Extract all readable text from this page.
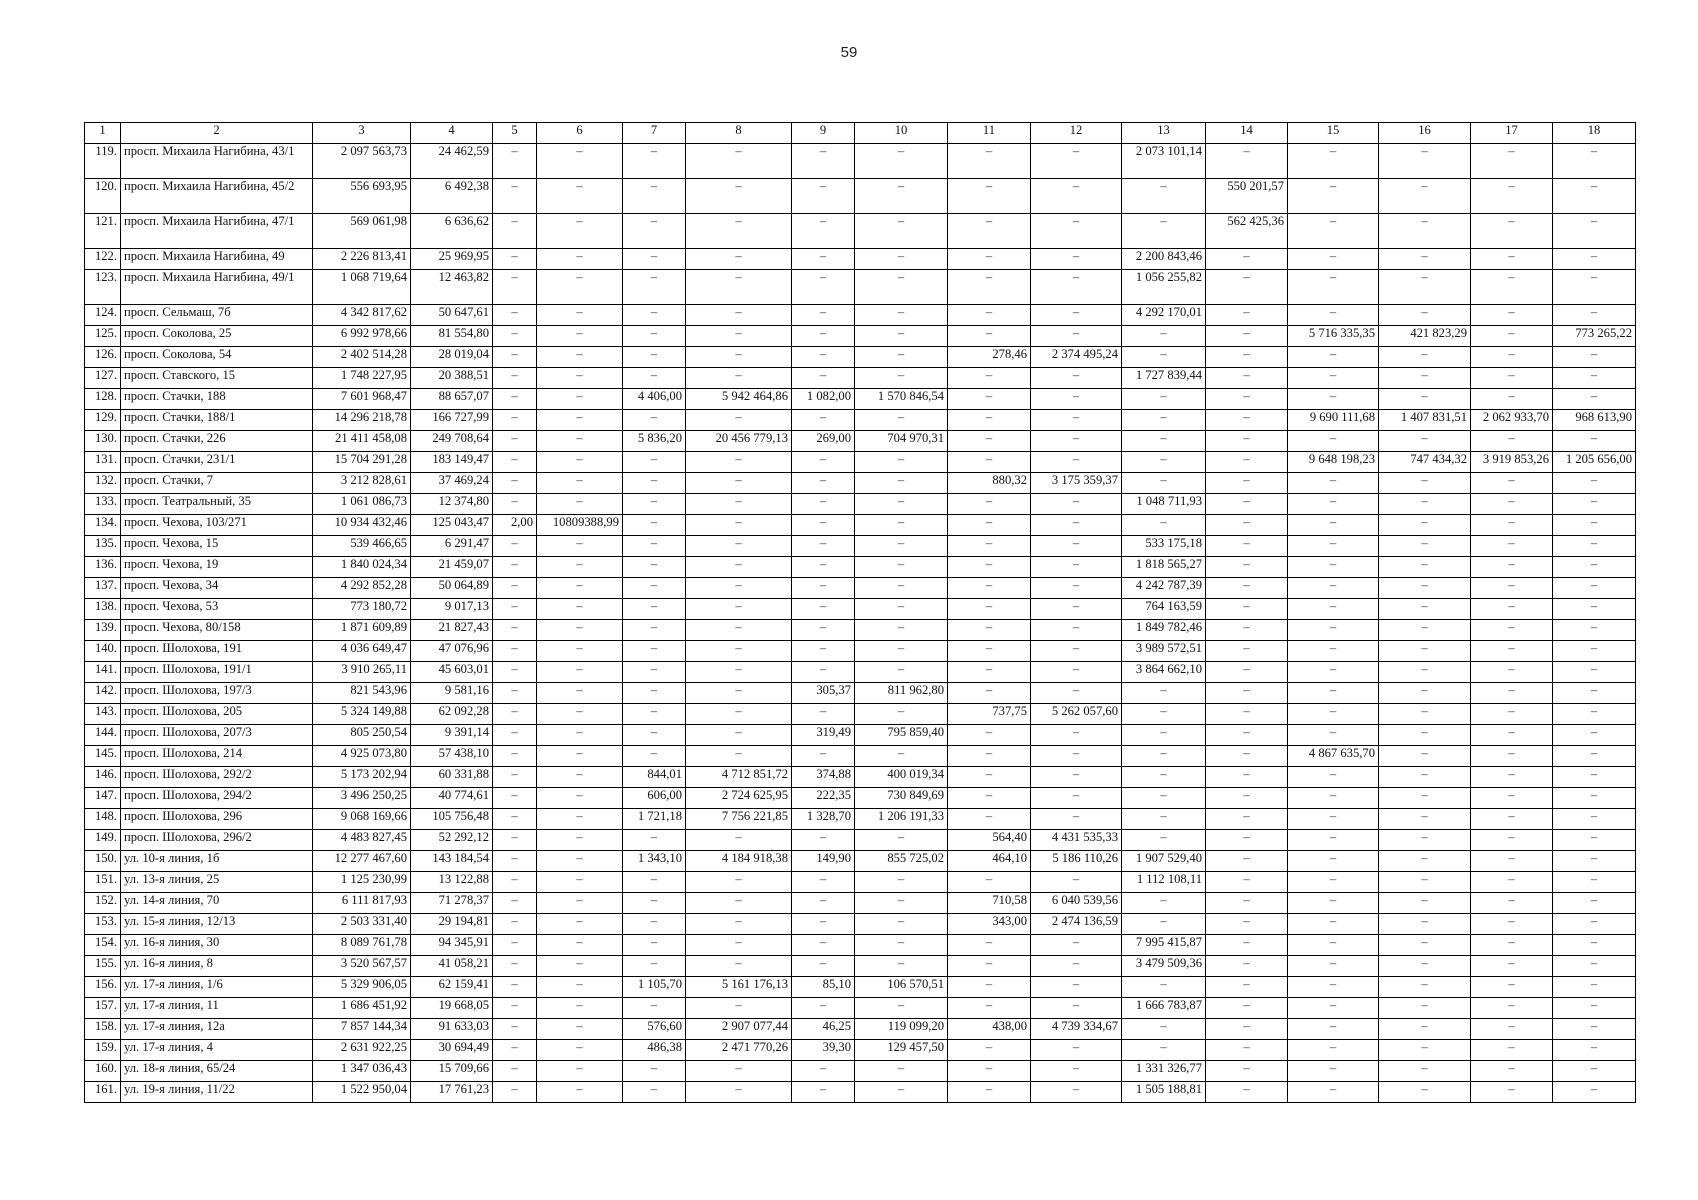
59
1	2	3	4	5	6	7	8	9	10	11	12	13	14	15	16	17	18
119.	просп. Михаила Нагибина, 43/1	2 097 563,73	24 462,59	–	–	–	–	–	–	–	–	2 073 101,14	–	–	–	–	–
120.	просп. Михаила Нагибина, 45/2	556 693,95	6 492,38	–	–	–	–	–	–	–	–	–	550 201,57	–	–	–	–
121.	просп. Михаила Нагибина, 47/1	569 061,98	6 636,62	–	–	–	–	–	–	–	–	–	562 425,36	–	–	–	–
122.	просп. Михаила Нагибина, 49	2 226 813,41	25 969,95	–	–	–	–	–	–	–	–	2 200 843,46	–	–	–	–	–
123.	просп. Михаила Нагибина, 49/1	1 068 719,64	12 463,82	–	–	–	–	–	–	–	–	1 056 255,82	–	–	–	–	–
124.	просп. Сельмаш, 7б	4 342 817,62	50 647,61	–	–	–	–	–	–	–	–	4 292 170,01	–	–	–	–	–
125.	просп. Соколова, 25	6 992 978,66	81 554,80	–	–	–	–	–	–	–	–	–	–	5 716 335,35	421 823,29	–	773 265,22
126.	просп. Соколова, 54	2 402 514,28	28 019,04	–	–	–	–	–	–	278,46	2 374 495,24	–	–	–	–	–	–
127.	просп. Ставского, 15	1 748 227,95	20 388,51	–	–	–	–	–	–	–	–	1 727 839,44	–	–	–	–	–
128.	просп. Стачки, 188	7 601 968,47	88 657,07	–	–	4 406,00	5 942 464,86	1 082,00	1 570 846,54	–	–	–	–	–	–	–	–
129.	просп. Стачки, 188/1	14 296 218,78	166 727,99	–	–	–	–	–	–	–	–	–	–	9 690 111,68	1 407 831,51	2 062 933,70	968 613,90
130.	просп. Стачки, 226	21 411 458,08	249 708,64	–	–	5 836,20	20 456 779,13	269,00	704 970,31	–	–	–	–	–	–	–	–
131.	просп. Стачки, 231/1	15 704 291,28	183 149,47	–	–	–	–	–	–	–	–	–	–	9 648 198,23	747 434,32	3 919 853,26	1 205 656,00
132.	просп. Стачки, 7	3 212 828,61	37 469,24	–	–	–	–	–	–	880,32	3 175 359,37	–	–	–	–	–	–
133.	просп. Театральный, 35	1 061 086,73	12 374,80	–	–	–	–	–	–	–	–	1 048 711,93	–	–	–	–	–
134.	просп. Чехова, 103/271	10 934 432,46	125 043,47	2,00	10809388,99	–	–	–	–	–	–	–	–	–	–	–	–
135.	просп. Чехова, 15	539 466,65	6 291,47	–	–	–	–	–	–	–	–	533 175,18	–	–	–	–	–
136.	просп. Чехова, 19	1 840 024,34	21 459,07	–	–	–	–	–	–	–	–	1 818 565,27	–	–	–	–	–
137.	просп. Чехова, 34	4 292 852,28	50 064,89	–	–	–	–	–	–	–	–	4 242 787,39	–	–	–	–	–
138.	просп. Чехова, 53	773 180,72	9 017,13	–	–	–	–	–	–	–	–	764 163,59	–	–	–	–	–
139.	просп. Чехова, 80/158	1 871 609,89	21 827,43	–	–	–	–	–	–	–	–	1 849 782,46	–	–	–	–	–
140.	просп. Шолохова, 191	4 036 649,47	47 076,96	–	–	–	–	–	–	–	–	3 989 572,51	–	–	–	–	–
141.	просп. Шолохова, 191/1	3 910 265,11	45 603,01	–	–	–	–	–	–	–	–	3 864 662,10	–	–	–	–	–
142.	просп. Шолохова, 197/3	821 543,96	9 581,16	–	–	–	–	305,37	811 962,80	–	–	–	–	–	–	–	–
143.	просп. Шолохова, 205	5 324 149,88	62 092,28	–	–	–	–	–	–	737,75	5 262 057,60	–	–	–	–	–	–
144.	просп. Шолохова, 207/3	805 250,54	9 391,14	–	–	–	–	319,49	795 859,40	–	–	–	–	–	–	–	–
145.	просп. Шолохова, 214	4 925 073,80	57 438,10	–	–	–	–	–	–	–	–	–	–	4 867 635,70	–	–	–
146.	просп. Шолохова, 292/2	5 173 202,94	60 331,88	–	–	844,01	4 712 851,72	374,88	400 019,34	–	–	–	–	–	–	–	–
147.	просп. Шолохова, 294/2	3 496 250,25	40 774,61	–	–	606,00	2 724 625,95	222,35	730 849,69	–	–	–	–	–	–	–	–
148.	просп. Шолохова, 296	9 068 169,66	105 756,48	–	–	1 721,18	7 756 221,85	1 328,70	1 206 191,33	–	–	–	–	–	–	–	–
149.	просп. Шолохова, 296/2	4 483 827,45	52 292,12	–	–	–	–	–	–	564,40	4 431 535,33	–	–	–	–	–	–
150.	ул. 10-я линия, 1б	12 277 467,60	143 184,54	–	–	1 343,10	4 184 918,38	149,90	855 725,02	464,10	5 186 110,26	1 907 529,40	–	–	–	–	–
151.	ул. 13-я линия, 25	1 125 230,99	13 122,88	–	–	–	–	–	–	–	–	1 112 108,11	–	–	–	–	–
152.	ул. 14-я линия, 70	6 111 817,93	71 278,37	–	–	–	–	–	–	710,58	6 040 539,56	–	–	–	–	–	–
153.	ул. 15-я линия, 12/13	2 503 331,40	29 194,81	–	–	–	–	–	–	343,00	2 474 136,59	–	–	–	–	–	–
154.	ул. 16-я линия, 30	8 089 761,78	94 345,91	–	–	–	–	–	–	–	–	7 995 415,87	–	–	–	–	–
155.	ул. 16-я линия, 8	3 520 567,57	41 058,21	–	–	–	–	–	–	–	–	3 479 509,36	–	–	–	–	–
156.	ул. 17-я линия, 1/6	5 329 906,05	62 159,41	–	–	1 105,70	5 161 176,13	85,10	106 570,51	–	–	–	–	–	–	–	–
157.	ул. 17-я линия, 11	1 686 451,92	19 668,05	–	–	–	–	–	–	–	–	1 666 783,87	–	–	–	–	–
158.	ул. 17-я линия, 12а	7 857 144,34	91 633,03	–	–	576,60	2 907 077,44	46,25	119 099,20	438,00	4 739 334,67	–	–	–	–	–	–
159.	ул. 17-я линия, 4	2 631 922,25	30 694,49	–	–	486,38	2 471 770,26	39,30	129 457,50	–	–	–	–	–	–	–	–
160.	ул. 18-я линия, 65/24	1 347 036,43	15 709,66	–	–	–	–	–	–	–	–	1 331 326,77	–	–	–	–	–
161.	ул. 19-я линия, 11/22	1 522 950,04	17 761,23	–	–	–	–	–	–	–	–	1 505 188,81	–	–	–	–	–
